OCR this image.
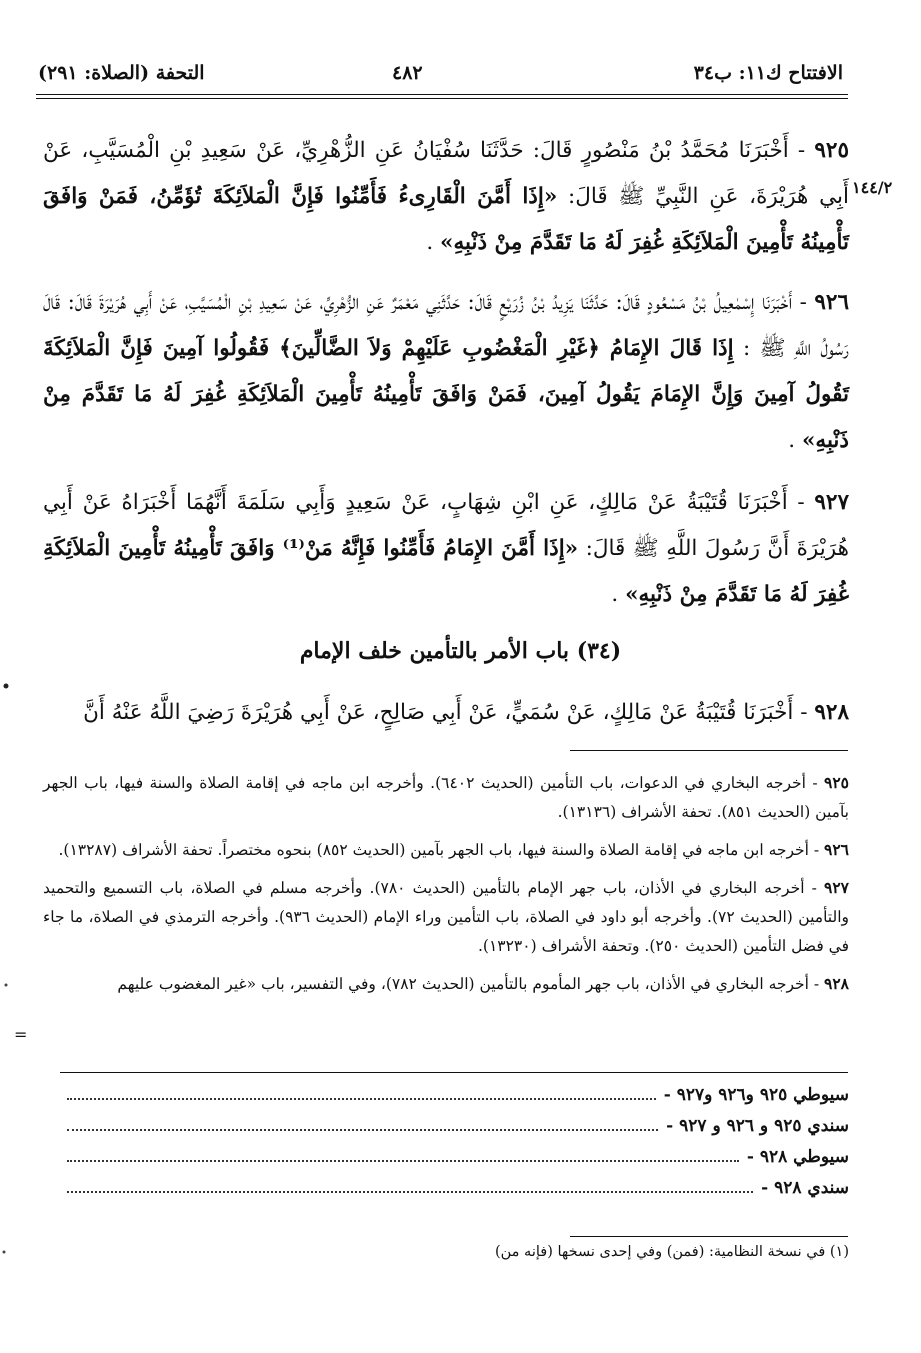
الافتتاح ك١١: ب٣٤
٤٨٢
التحفة (الصلاة: ٢٩١)
١٤٤/٢
٩٢٥ - أَخْبَرَنَا مُحَمَّدُ بْنُ مَنْصُورٍ قَالَ: حَدَّثَنَا سُفْيَانُ عَنِ الزُّهْرِيِّ، عَنْ سَعِيدِ بْنِ الْمُسَيَّبِ، عَنْ أَبِي هُرَيْرَةَ، عَنِ النَّبِيِّ ﷺ قَالَ: «إِذَا أَمَّنَ الْقَارِىءُ فَأَمِّنُوا فَإِنَّ الْمَلاَئِكَةَ تُؤَمِّنُ، فَمَنْ وَافَقَ تَأْمِينُهُ تَأْمِينَ الْمَلاَئِكَةِ غُفِرَ لَهُ مَا تَقَدَّمَ مِنْ ذَنْبِهِ» .
٩٢٦ - أَخْبَرَنَا إِسْمٰعِيلُ بْنُ مَسْعُودٍ قَالَ: حَدَّثَنَا يَزِيدُ بْنُ زُرَيْعٍ قَالَ: حَدَّثَنِي مَعْمَرٌ عَنِ الزُّهْرِيِّ، عَنْ سَعِيدِ بْنِ الْمُسَيَّبِ، عَنْ أَبِي هُرَيْرَةَ قَالَ: قَالَ رَسُولُ اللَّهِ ﷺ : إِذَا قَالَ الإِمَامُ ﴿غَيْرِ الْمَغْضُوبِ عَلَيْهِمْ وَلاَ الضَّالِّينَ﴾ فَقُولُوا آمِينَ فَإِنَّ الْمَلاَئِكَةَ تَقُولُ آمِينَ وَإِنَّ الإِمَامَ يَقُولُ آمِينَ، فَمَنْ وَافَقَ تَأْمِينُهُ تَأْمِينَ الْمَلاَئِكَةِ غُفِرَ لَهُ مَا تَقَدَّمَ مِنْ ذَنْبِهِ» .
٩٢٧ - أَخْبَرَنَا قُتَيْبَةُ عَنْ مَالِكٍ، عَنِ ابْنِ شِهَابٍ، عَنْ سَعِيدٍ وَأَبِي سَلَمَةَ أَنَّهُمَا أَخْبَرَاهُ عَنْ أَبِي هُرَيْرَةَ أَنَّ رَسُولَ اللَّهِ ﷺ قَالَ: «إِذَا أَمَّنَ الإِمَامُ فَأَمِّنُوا فَإِنَّهُ مَنْ⁽¹⁾ وَافَقَ تَأْمِينُهُ تَأْمِينَ الْمَلاَئِكَةِ غُفِرَ لَهُ مَا تَقَدَّمَ مِنْ ذَنْبِهِ» .
(٣٤) باب الأمر بالتأمين خلف الإمام
٩٢٨ - أَخْبَرَنَا قُتَيْبَةُ عَنْ مَالِكٍ، عَنْ سُمَيٍّ، عَنْ أَبِي صَالِحٍ، عَنْ أَبِي هُرَيْرَةَ رَضِيَ اللَّهُ عَنْهُ أَنَّ
٩٢٥ - أخرجه البخاري في الدعوات، باب التأمين (الحديث ٦٤٠٢). وأخرجه ابن ماجه في إقامة الصلاة والسنة فيها، باب الجهر بآمين (الحديث ٨٥١). تحفة الأشراف (١٣١٣٦).
٩٢٦ - أخرجه ابن ماجه في إقامة الصلاة والسنة فيها، باب الجهر بآمين (الحديث ٨٥٢) بنحوه مختصراً. تحفة الأشراف (١٣٢٨٧).
٩٢٧ - أخرجه البخاري في الأذان، باب جهر الإمام بالتأمين (الحديث ٧٨٠). وأخرجه مسلم في الصلاة، باب التسميع والتحميد والتأمين (الحديث ٧٢). وأخرجه أبو داود في الصلاة، باب التأمين وراء الإمام (الحديث ٩٣٦). وأخرجه الترمذي في الصلاة، ما جاء في فضل التأمين (الحديث ٢٥٠). وتحفة الأشراف (١٣٢٣٠).
٩٢٨ - أخرجه البخاري في الأذان، باب جهر المأموم بالتأمين (الحديث ٧٨٢)، وفي التفسير، باب «غير المغضوب عليهم
=
سيوطي ٩٢٥ و٩٢٦ و٩٢٧ -
سندي ٩٢٥ و ٩٢٦ و ٩٢٧ -
سيوطي ٩٢٨ -
سندي ٩٢٨ -
(١) في نسخة النظامية: (فمن) وفي إحدى نسخها (فإنه من)
